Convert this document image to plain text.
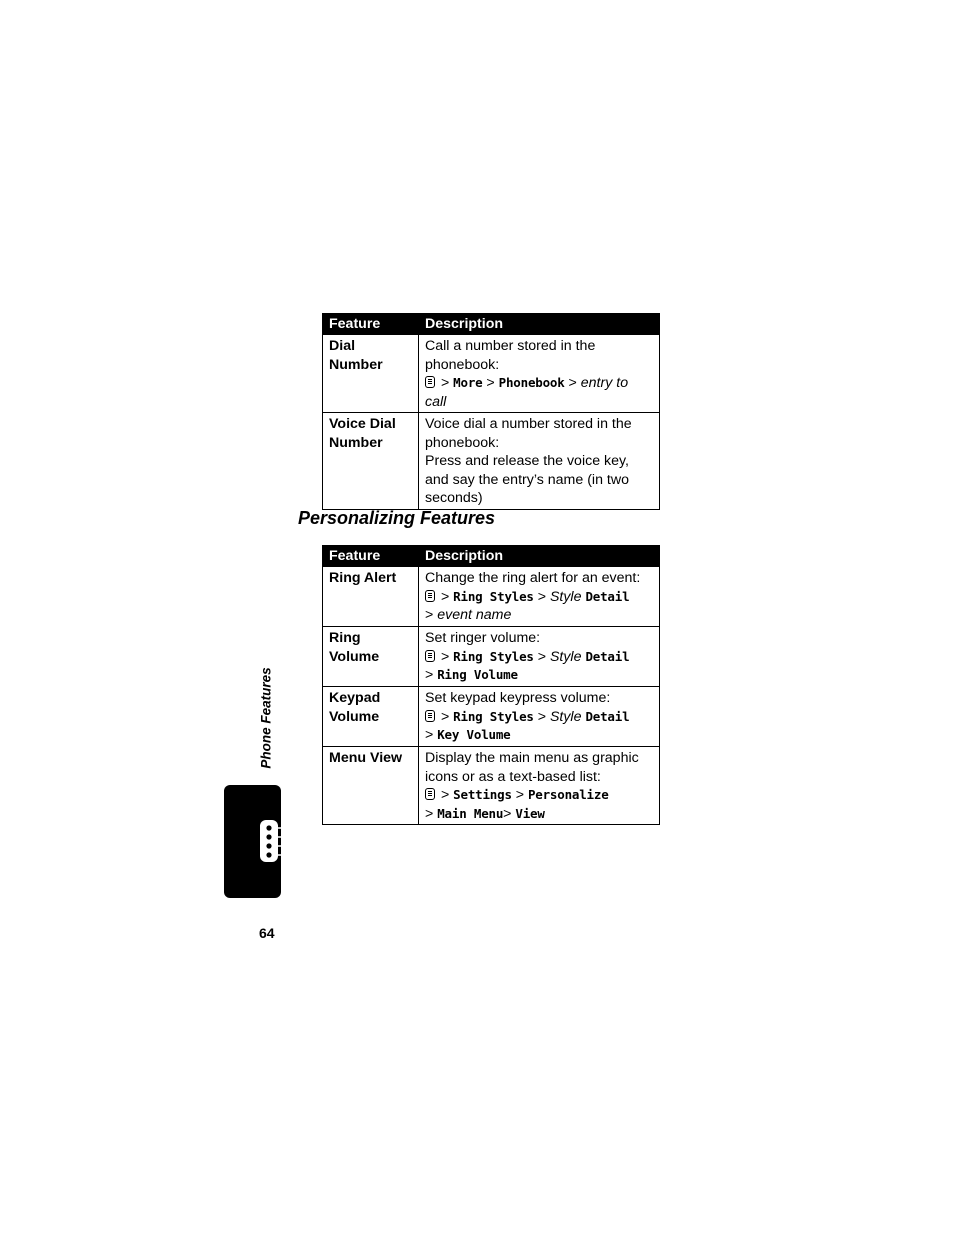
Feature	Description
Dial Number	Call a number stored in the phonebook:
> More > Phonebook > entry to call

Voice Dial Number	Voice dial a number stored in the phonebook:
Press and release the voice key, and say the entry’s name (in two seconds)
Personalizing Features
Feature	Description
Ring Alert	Change the ring alert for an event:
> Ring Styles > Style Detail
> event name

Ring Volume	Set ringer volume:
> Ring Styles > Style Detail
> Ring Volume

Keypad Volume	Set keypad keypress volume:
> Ring Styles > Style Detail
> Key Volume

Menu View	Display the main menu as graphic icons or as a text-based list:
> Settings > Personalize
> Main Menu> View
Phone Features
64
